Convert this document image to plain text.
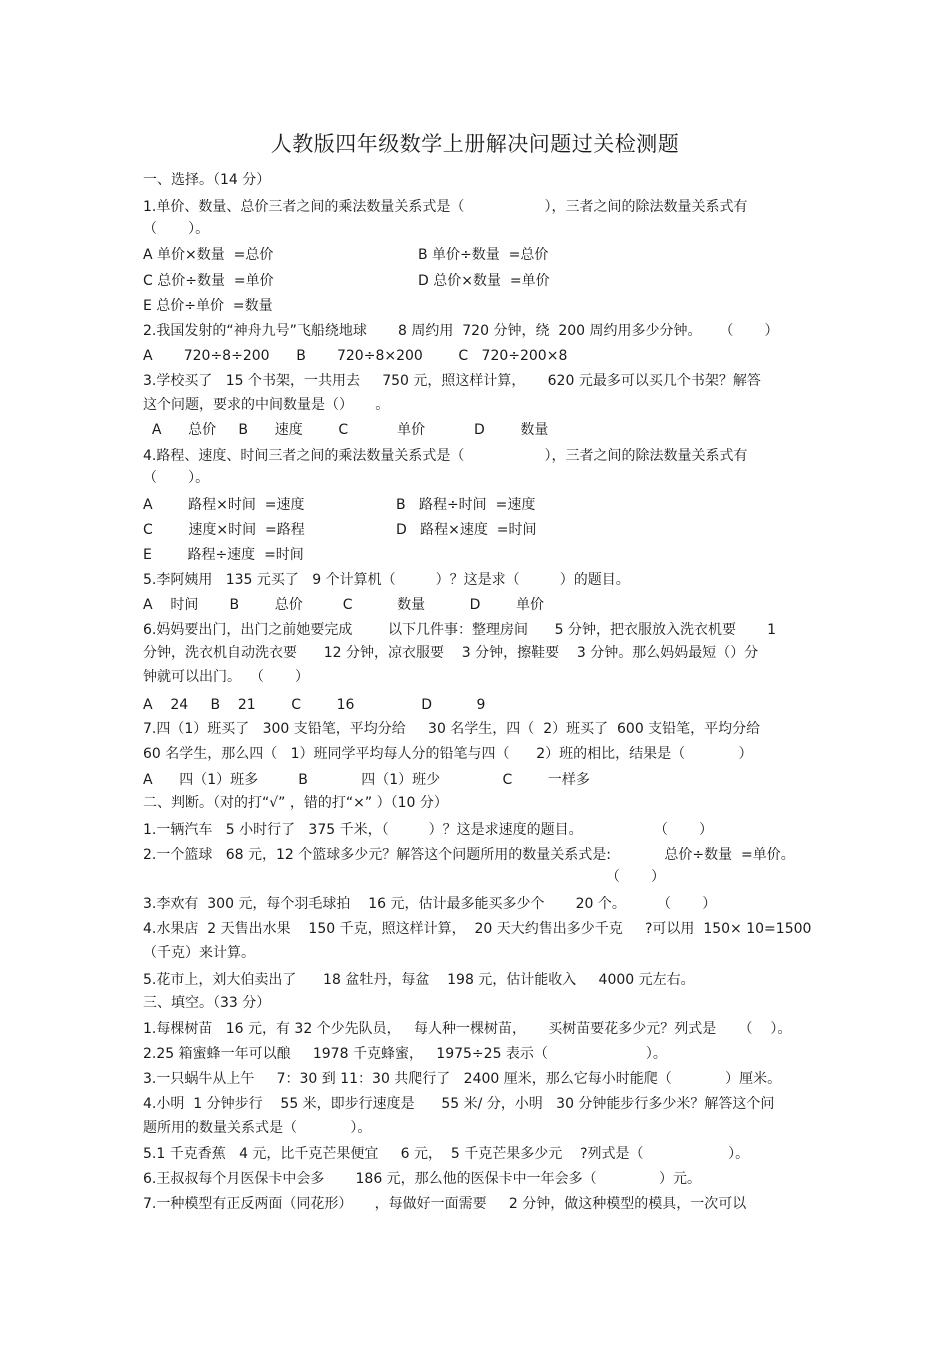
人教版四年级数学上册解决问题过关检测题
一、选择。（14 分）
1.单价、数量、总价三者之间的乘法数量关系式是（                  ），三者之间的除法数量关系式有
（       ）。
A 单价×数量  =总价	B 单价÷数量  =总价
C 总价÷数量  =单价	D 总价×数量  =单价
E 总价÷单价  =数量
2.我国发射的“神舟九号”飞船绕地球       8 周约用  720 分钟，绕  200 周约用多少分钟。    （       ）
A       720÷8÷200      B       720÷8×200        C   720÷200×8
3.学校买了   15 个书架，一共用去     750 元，照这样计算，     620 元最多可以买几个书架？解答
这个问题，要求的中间数量是（）     。
A      总价     B      速度        C           单价           D        数量
4.路程、速度、时间三者之间的乘法数量关系式是（                  ），三者之间的除法数量关系式有
（       ）。
A        路程×时间  =速度	B   路程÷时间  =速度
C        速度×时间  =路程	D   路程×速度  =时间
E        路程÷速度  =时间
5.李阿姨用   135 元买了   9 个计算机（         ）？这是求（         ）的题目。
A    时间       B        总价         C          数量          D        单价
6.妈妈要出门，出门之前她要完成        以下几件事：整理房间      5 分钟，把衣服放入洗衣机要       1
分钟，洗衣机自动洗衣要      12 分钟，凉衣服要    3 分钟，擦鞋要    3 分钟。那么妈妈最短（）分
钟就可以出门。  （       ）
A    24     B    21        C        16               D          9
7.四（1）班买了   300 支铅笔，平均分给     30 名学生，四（  2）班买了  600 支铅笔，平均分给
60 名学生，那么四（   1）班同学平均每人分的铅笔与四（      2）班的相比，结果是（            ）
A      四（1）班多         B            四（1）班少              C        一样多
二、判断。（对的打“√” ，错的打“×” ）（10 分）
1.一辆汽车   5 小时行了   375 千米，（         ）？这是求速度的题目。                （       ）
2.一个篮球   68 元，12 个篮球多少元？解答这个问题所用的数量关系式是:            总价÷数量  =单价。
（       ）
3.李欢有  300 元，每个羽毛球拍    16 元，估计最多能买多少个       20 个。       （       ）
4.水果店  2 天售出水果    150 千克，照这样计算，  20 天大约售出多少千克     ?可以用  150× 10=1500
（千克）来计算。
5.花市上，刘大伯卖出了      18 盆牡丹，每盆    198 元，估计能收入     4000 元左右。
三、填空。（33 分）
1.每棵树苗   16 元，有 32 个少先队员，   每人种一棵树苗，     买树苗要花多少元？列式是     （    ）。
2.25 箱蜜蜂一年可以酿     1978 千克蜂蜜，   1975÷25 表示（                      ）。
3.一只蜗牛从上午     7：30 到 11：30 共爬行了   2400 厘米，那么它每小时能爬（            ）厘米。
4.小明  1 分钟步行    55 米，即步行速度是      55 米/ 分，小明   30 分钟能步行多少米？解答这个问
题所用的数量关系式是（            ）。
5.1 千克香蕉   4 元，比千克芒果便宜     6 元，  5 千克芒果多少元    ?列式是（                   ）。
6.王叔叔每个月医保卡中会多       186 元，那么他的医保卡中一年会多（              ）元。
7.一种模型有正反两面（同花形）     ，每做好一面需要     2 分钟，做这种模型的模具，一次可以
